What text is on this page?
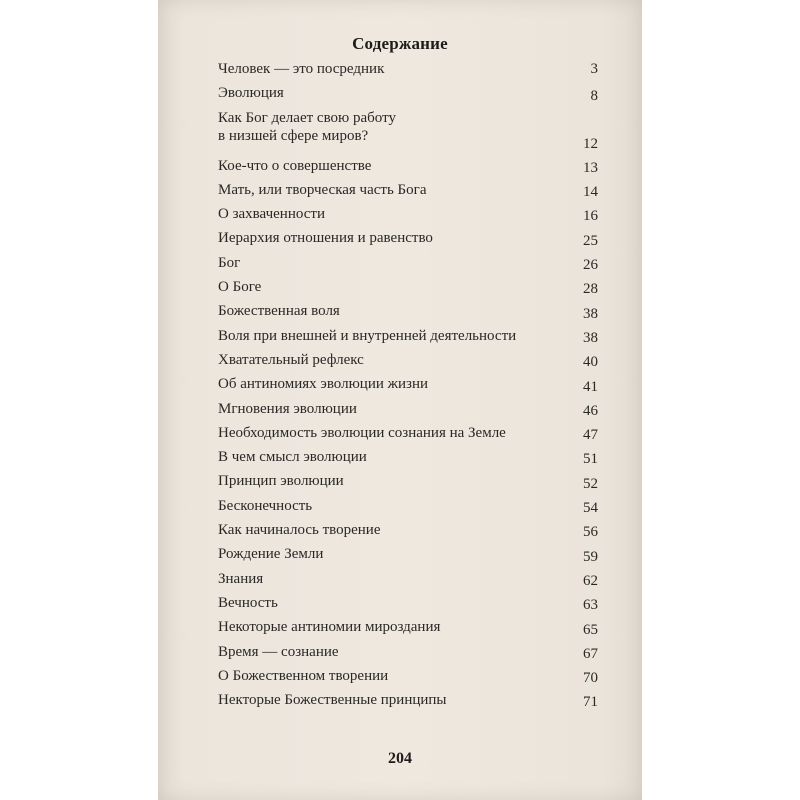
Содержание
Человек — это посредник	3
Эволюция	8
Как Бог делает свою работу
в низшей сфере миров?	12
Кое-что о совершенстве	13
Мать, или творческая часть Бога	14
О захваченности	16
Иерархия отношения и равенство	25
Бог	26
О Боге	28
Божественная воля	38
Воля при внешней и внутренней деятельности	38
Хватательный рефлекс	40
Об антиномиях эволюции жизни	41
Мгновения эволюции	46
Необходимость эволюции сознания на Земле	47
В чем смысл эволюции	51
Принцип эволюции	52
Бесконечность	54
Как начиналось творение	56
Рождение Земли	59
Знания	62
Вечность	63
Некоторые антиномии мироздания	65
Время — сознание	67
О Божественном творении	70
Некторые Божественные принципы	71
204
